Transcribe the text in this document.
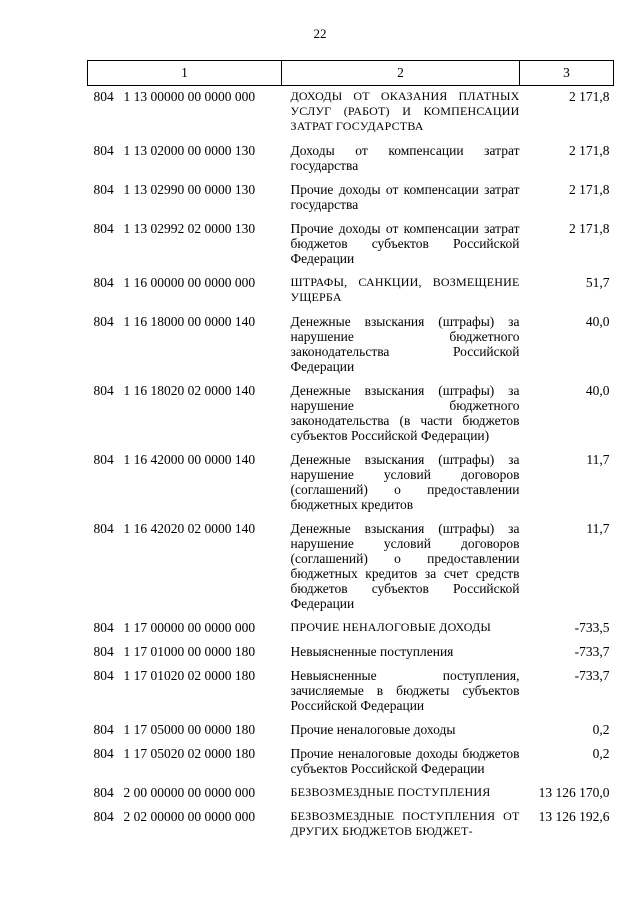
22
1	2	3
804 1 13 00000 00 0000 000	ДОХОДЫ ОТ ОКАЗАНИЯ ПЛАТНЫХ УСЛУГ (РАБОТ) И КОМПЕНСАЦИИ ЗАТРАТ ГОСУДАРСТВА	2 171,8
804 1 13 02000 00 0000 130	Доходы от компенсации затрат государства	2 171,8
804 1 13 02990 00 0000 130	Прочие доходы от компенсации затрат государства	2 171,8
804 1 13 02992 02 0000 130	Прочие доходы от компенсации затрат бюджетов субъектов Российской Федерации	2 171,8
804 1 16 00000 00 0000 000	ШТРАФЫ, САНКЦИИ, ВОЗМЕЩЕНИЕ УЩЕРБА	51,7
804 1 16 18000 00 0000 140	Денежные взыскания (штрафы) за нарушение бюджетного законодательства Российской Федерации	40,0
804 1 16 18020 02 0000 140	Денежные взыскания (штрафы) за нарушение бюджетного законодательства (в части бюджетов субъектов Российской Федерации)	40,0
804 1 16 42000 00 0000 140	Денежные взыскания (штрафы) за нарушение условий договоров (соглашений) о предоставлении бюджетных кредитов	11,7
804 1 16 42020 02 0000 140	Денежные взыскания (штрафы) за нарушение условий договоров (соглашений) о предоставлении бюджетных кредитов за счет средств бюджетов субъектов Российской Федерации	11,7
804 1 17 00000 00 0000 000	ПРОЧИЕ НЕНАЛОГОВЫЕ ДОХОДЫ	-733,5
804 1 17 01000 00 0000 180	Невыясненные поступления	-733,7
804 1 17 01020 02 0000 180	Невыясненные поступления, зачисляемые в бюджеты субъектов Российской Федерации	-733,7
804 1 17 05000 00 0000 180	Прочие неналоговые доходы	0,2
804 1 17 05020 02 0000 180	Прочие неналоговые доходы бюджетов субъектов Российской Федерации	0,2
804 2 00 00000 00 0000 000	БЕЗВОЗМЕЗДНЫЕ ПОСТУПЛЕНИЯ	13 126 170,0
804 2 02 00000 00 0000 000	БЕЗВОЗМЕЗДНЫЕ ПОСТУПЛЕНИЯ ОТ ДРУГИХ БЮДЖЕТОВ БЮДЖЕТ-	13 126 192,6
